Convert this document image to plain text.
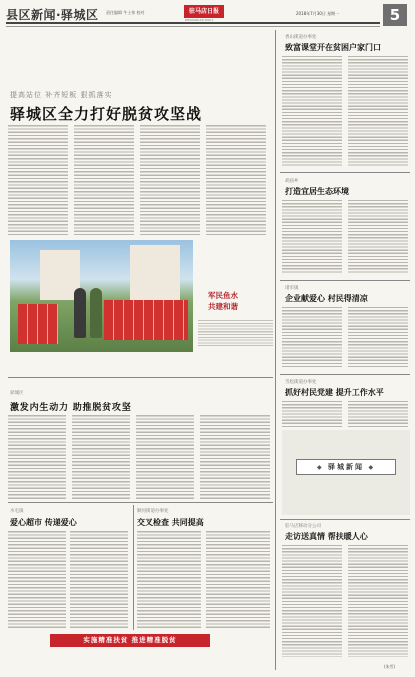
县区新闻·驿城区 责任编辑 牛士伟 校对	驻马店日报
ZHUMADIAN DAILY
2018年7月30日 星期一	5
提高站位 补齐短板 狠抓落实
驿城区全力打好脱贫攻坚战
军民鱼水
共建和谐
驿城区
激发内生动力 助推脱贫攻坚
水屯镇
爱心超市 传递爱心
顺河街道办事处
交叉检查 共同提高
实施精准扶贫 推进精准脱贫
香山街道办事处
致富课堂开在贫困户家门口
胡庙乡
打造宜居生态环境
诸市镇
企业献爱心 村民得清凉
雪松街道办事处
抓好村民党建 提升工作水平
◆ 驿城新闻 ◆
驻马店移动分公司
走访送真情 帮扶暖人心
(朱雪)
